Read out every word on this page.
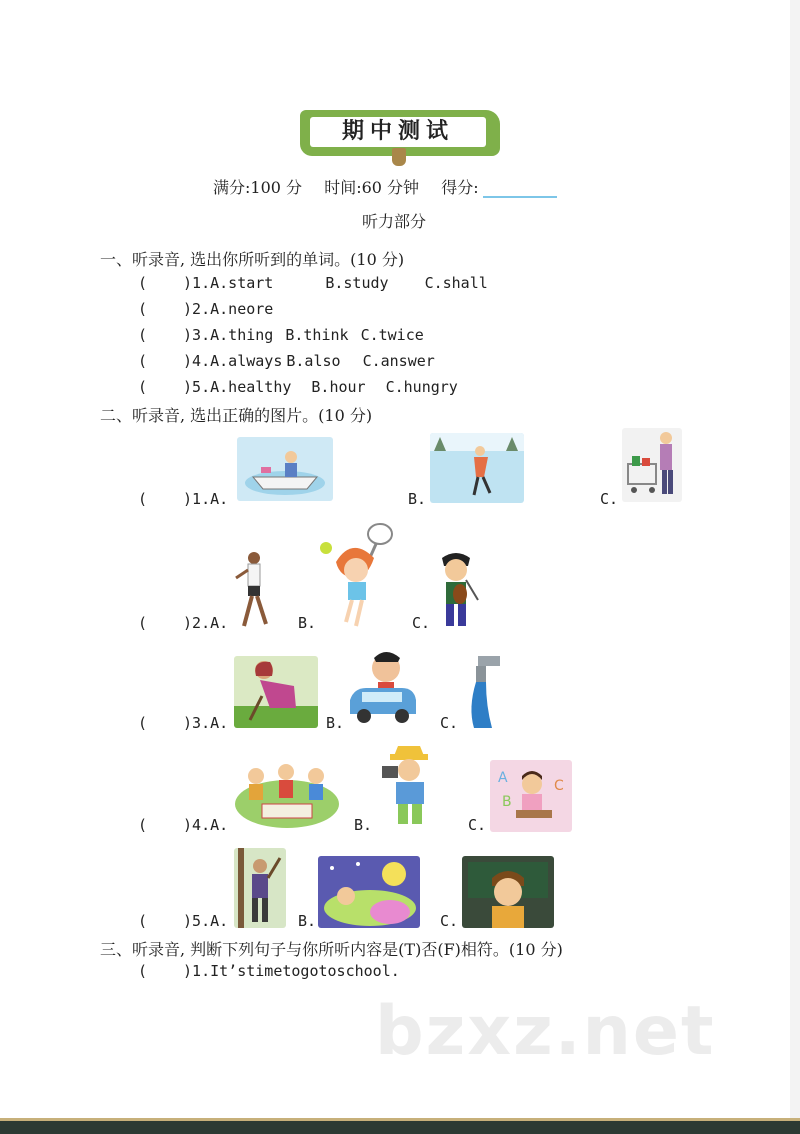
期中测试
满分:100 分 时间:60 分钟 得分:
听力部分
一、听录音, 选出你所听到的单词。(10 分)
( )1.A.start	B.study C.shall
( )2.A.neore
( )3.A.thing B.think C.twice
( )4.A.always B.also C.answer
( )5.A.healthy B.hour C.hungry
二、听录音, 选出正确的图片。(10 分)
( )1.A.	B.	C.
( )2.A.	B.	C.
( )3.A.	B.	C.
( )4.A.	B.	C.
A	C
B
( )5.A.	B.	C.
三、听录音, 判断下列句子与你所听内容是(T)否(F)相符。(10 分)
( )1.It’stimetogotoschool.
bzxz.net
